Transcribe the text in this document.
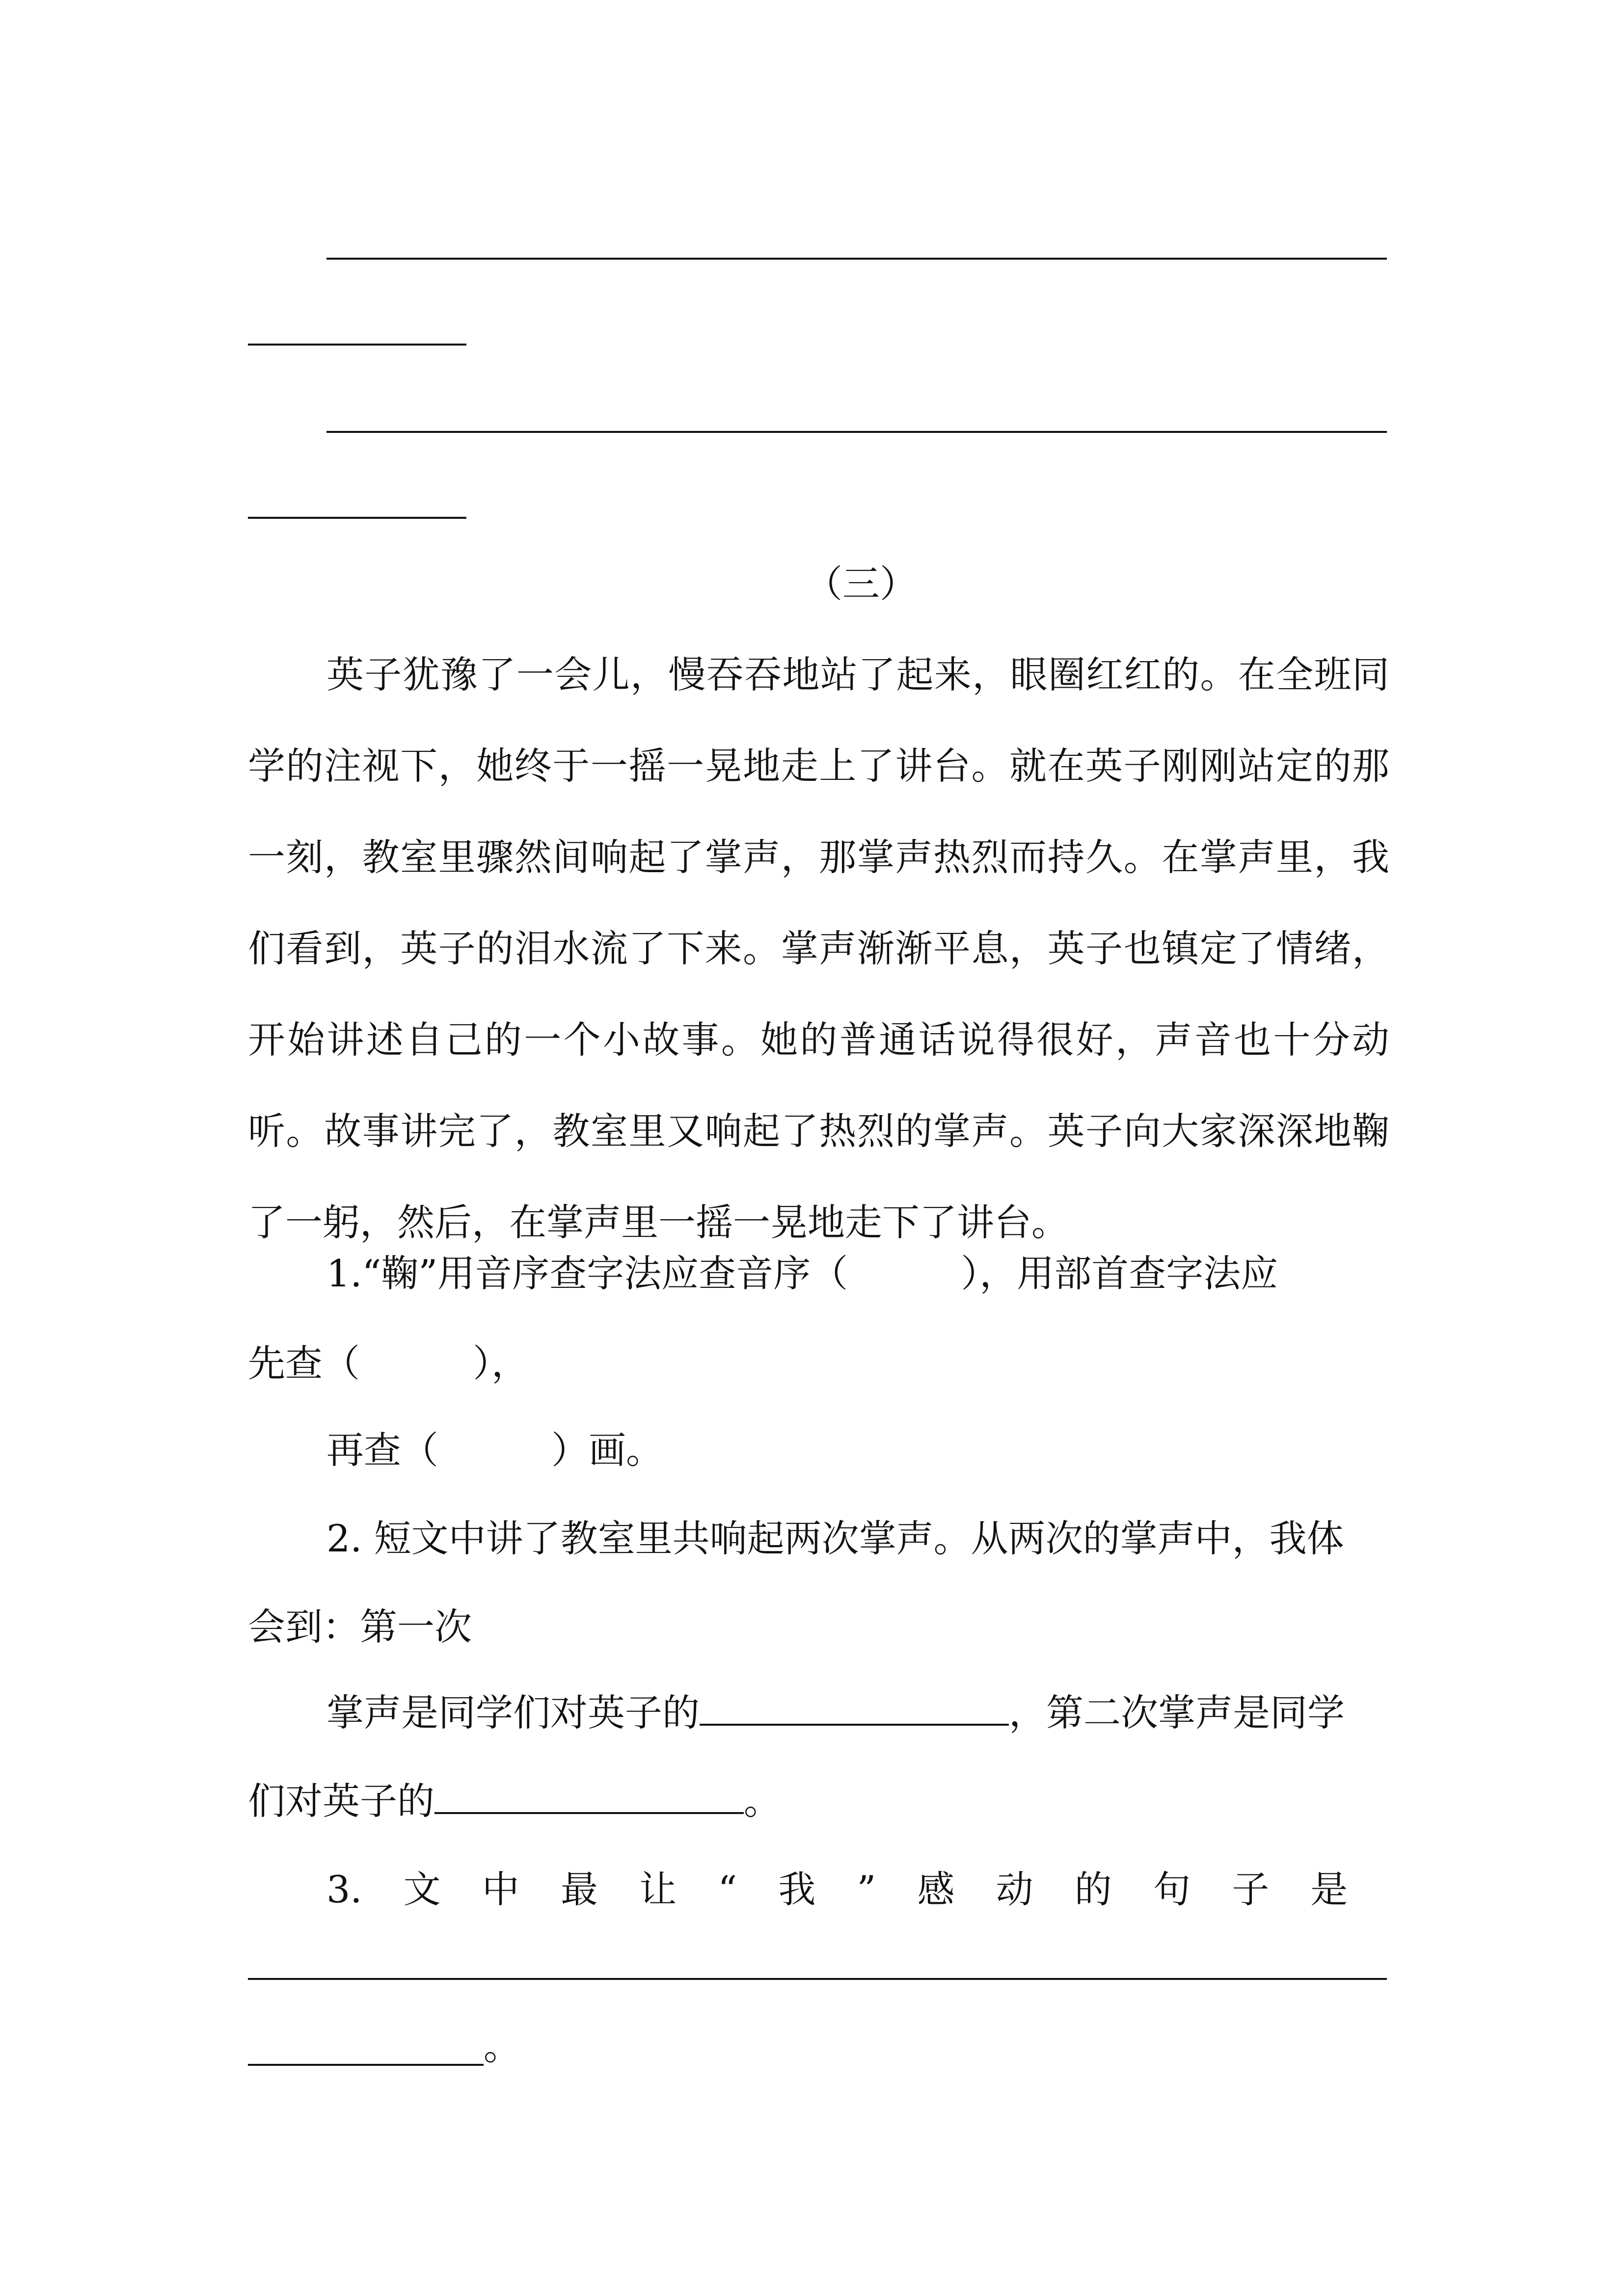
（三）

英子犹豫了一会儿，慢吞吞地站了起来，眼圈红红的。在全班同学的注视下，她终于一摇一晃地走上了讲台。就在英子刚刚站定的那一刻，教室里骤然间响起了掌声，那掌声热烈而持久。在掌声里，我们看到，英子的泪水流了下来。掌声渐渐平息，英子也镇定了情绪，开始讲述自己的一个小故事。她的普通话说得很好，声音也十分动听。故事讲完了，教室里又响起了热烈的掌声。英子向大家深深地鞠了一躬，然后，在掌声里一摇一晃地走下了讲台。

1.“鞠”用音序查字法应查音序（	），用部首查字法应
先查（	），
再查（	）画。
2. 短文中讲了教室里共响起两次掌声。从两次的掌声中，我体
会到：第一次
掌声是同学们对英子的	，第二次掌声是同学
们对英子的	。
3. 文 中 最 让 “ 我 ” 感 动 的 句 子 是
。
